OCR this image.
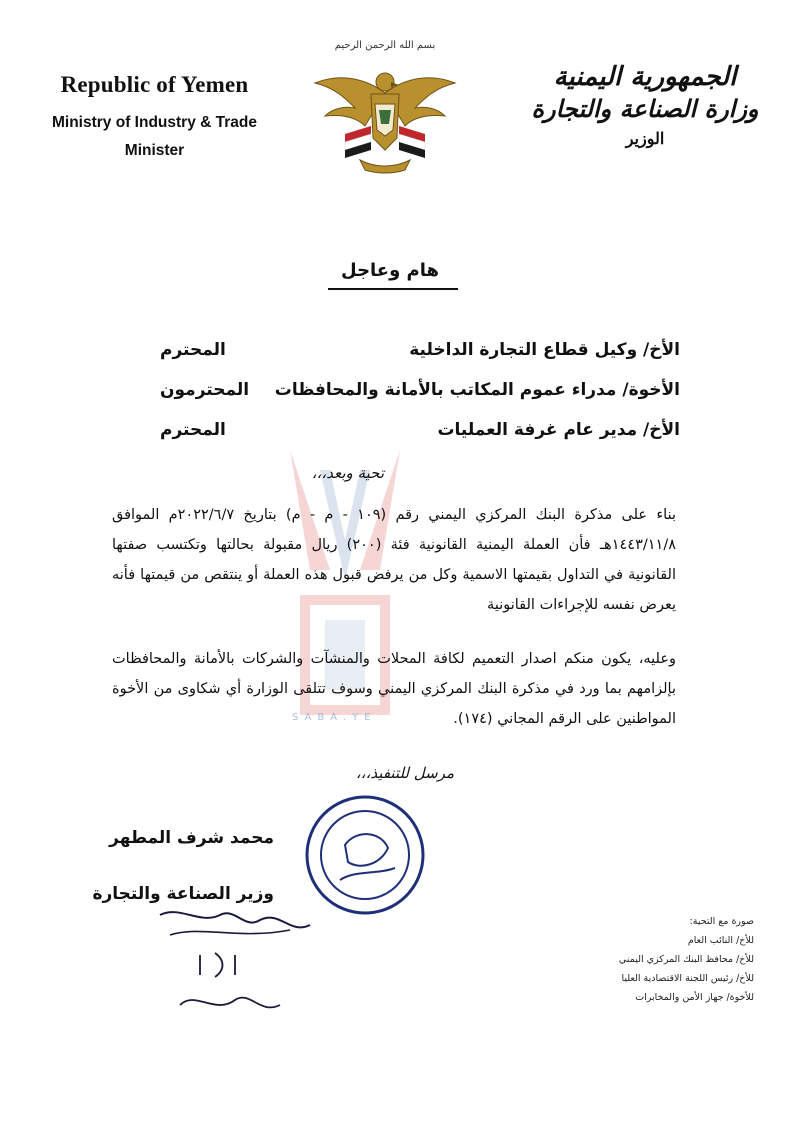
Republic of Yemen
Ministry of Industry & Trade
Minister
بسم الله الرحمن الرحيم
الجمهورية اليمنية
وزارة الصناعة والتجارة
الوزير
SABA.YE
هام وعاجل
الأخ/ وكيل قطاع التجارة الداخلية
المحترم
الأخوة/ مدراء عموم المكاتب بالأمانة والمحافظات
المحترمون
الأخ/ مدير عام غرفة العمليات
المحترم
تحية وبعد،،،
بناء على مذكرة البنك المركزي اليمني رقم (١٠٩ - م - م) بتاريخ ٢٠٢٢/٦/٧م الموافق ١٤٤٣/١١/٨هـ فأن العملة اليمنية القانونية فئة (٢٠٠) ريال مقبولة بحالتها وتكتسب صفتها القانونية في التداول بقيمتها الاسمية وكل من يرفض قبول هذه العملة أو ينتقص من قيمتها فأنه يعرض نفسه للإجراءات القانونية
وعليه، يكون منكم اصدار التعميم لكافة المحلات والمنشآت والشركات بالأمانة والمحافظات بإلزامهم بما ورد في مذكرة البنك المركزي اليمني وسوف تتلقى الوزارة أي شكاوى من الأخوة المواطنين على الرقم المجاني (١٧٤).
مرسل للتنفيذ،،،
محمد شرف المطهر
وزير الصناعة والتجارة
صورة مع التحية:
للأخ/ النائب العام
للأخ/ محافظ البنك المركزي اليمني
للأخ/ رئيس اللجنة الاقتصادية العليا
للأخوة/ جهاز الأمن والمخابرات
